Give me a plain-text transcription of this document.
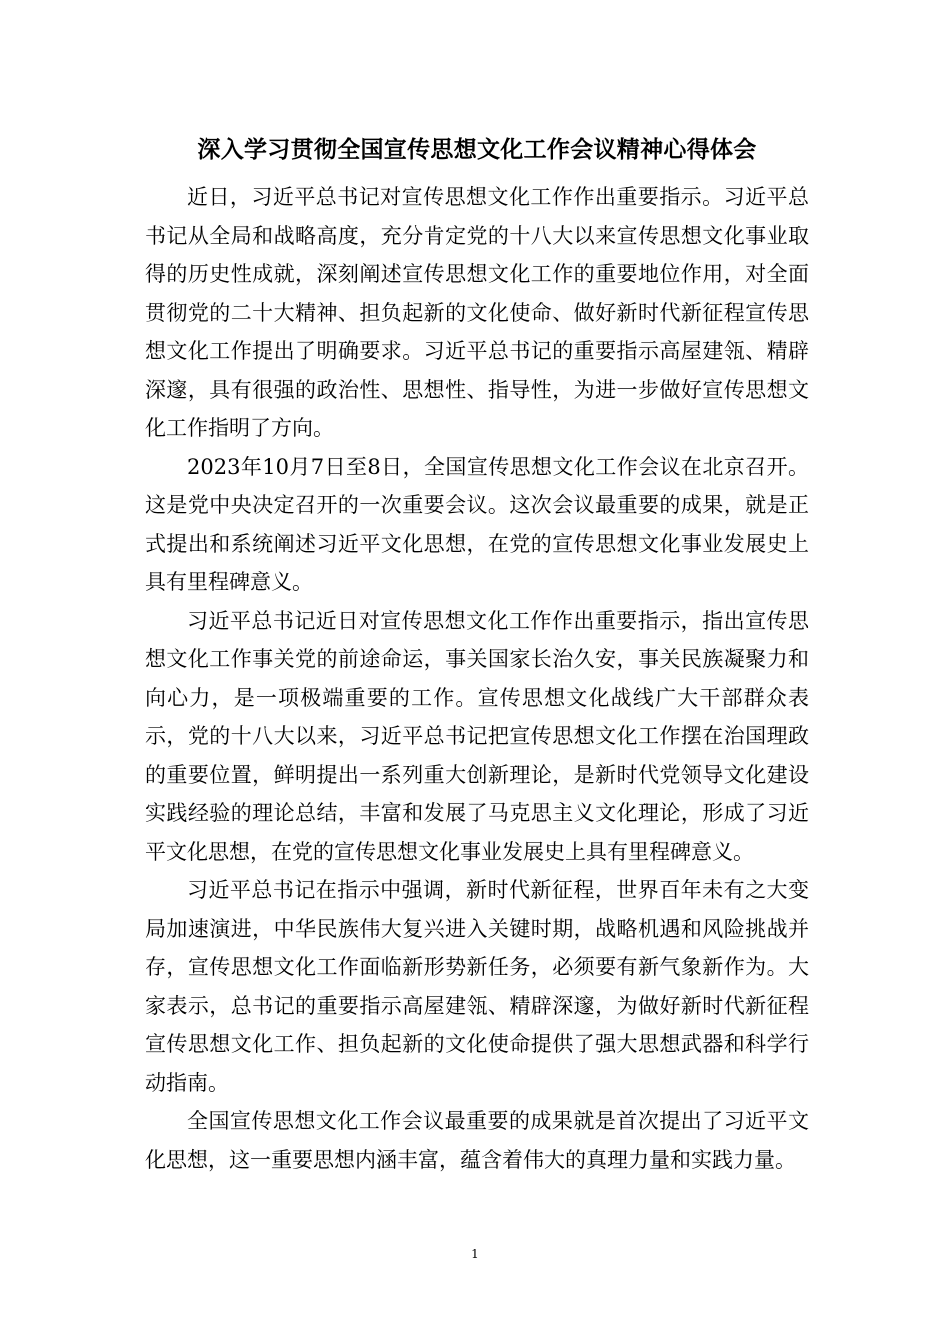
深入学习贯彻全国宣传思想文化工作会议精神心得体会

近日，习近平总书记对宣传思想文化工作作出重要指示。习近平总书记从全局和战略高度，充分肯定党的十八大以来宣传思想文化事业取得的历史性成就，深刻阐述宣传思想文化工作的重要地位作用，对全面贯彻党的二十大精神、担负起新的文化使命、做好新时代新征程宣传思想文化工作提出了明确要求。习近平总书记的重要指示高屋建瓴、精辟深邃，具有很强的政治性、思想性、指导性，为进一步做好宣传思想文化工作指明了方向。

2023年10月7日至8日，全国宣传思想文化工作会议在北京召开。这是党中央决定召开的一次重要会议。这次会议最重要的成果，就是正式提出和系统阐述习近平文化思想，在党的宣传思想文化事业发展史上具有里程碑意义。

习近平总书记近日对宣传思想文化工作作出重要指示，指出宣传思想文化工作事关党的前途命运，事关国家长治久安，事关民族凝聚力和向心力，是一项极端重要的工作。宣传思想文化战线广大干部群众表示，党的十八大以来，习近平总书记把宣传思想文化工作摆在治国理政的重要位置，鲜明提出一系列重大创新理论，是新时代党领导文化建设实践经验的理论总结，丰富和发展了马克思主义文化理论，形成了习近平文化思想，在党的宣传思想文化事业发展史上具有里程碑意义。

习近平总书记在指示中强调，新时代新征程，世界百年未有之大变局加速演进，中华民族伟大复兴进入关键时期，战略机遇和风险挑战并存，宣传思想文化工作面临新形势新任务，必须要有新气象新作为。大家表示，总书记的重要指示高屋建瓴、精辟深邃，为做好新时代新征程宣传思想文化工作、担负起新的文化使命提供了强大思想武器和科学行动指南。

全国宣传思想文化工作会议最重要的成果就是首次提出了习近平文化思想，这一重要思想内涵丰富，蕴含着伟大的真理力量和实践力量。

1
